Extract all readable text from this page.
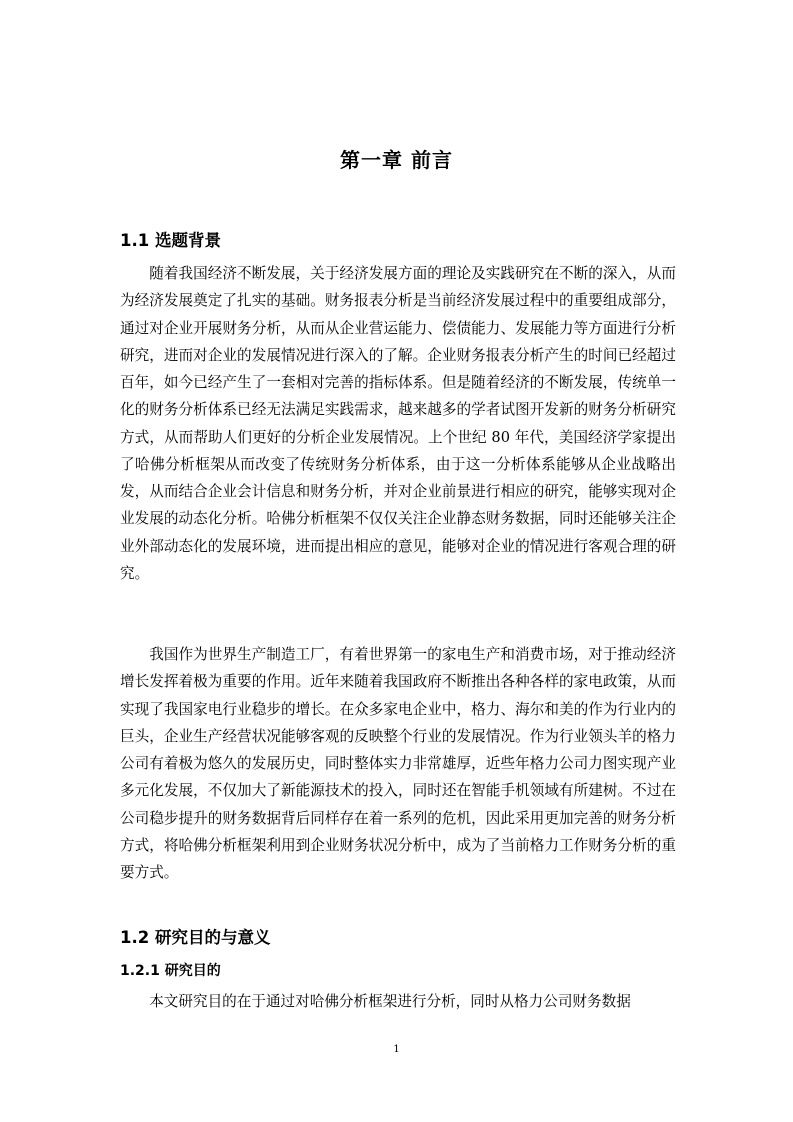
第一章 前言
1.1 选题背景

随着我国经济不断发展，关于经济发展方面的理论及实践研究在不断的深入，从而为经济发展奠定了扎实的基础。财务报表分析是当前经济发展过程中的重要组成部分，通过对企业开展财务分析，从而从企业营运能力、偿债能力、发展能力等方面进行分析研究，进而对企业的发展情况进行深入的了解。企业财务报表分析产生的时间已经超过百年，如今已经产生了一套相对完善的指标体系。但是随着经济的不断发展，传统单一化的财务分析体系已经无法满足实践需求，越来越多的学者试图开发新的财务分析研究方式，从而帮助人们更好的分析企业发展情况。上个世纪 80 年代，美国经济学家提出了哈佛分析框架从而改变了传统财务分析体系，由于这一分析体系能够从企业战略出发，从而结合企业会计信息和财务分析，并对企业前景进行相应的研究，能够实现对企业发展的动态化分析。哈佛分析框架不仅仅关注企业静态财务数据，同时还能够关注企业外部动态化的发展环境，进而提出相应的意见，能够对企业的情况进行客观合理的研究。

我国作为世界生产制造工厂，有着世界第一的家电生产和消费市场，对于推动经济增长发挥着极为重要的作用。近年来随着我国政府不断推出各种各样的家电政策，从而实现了我国家电行业稳步的增长。在众多家电企业中，格力、海尔和美的作为行业内的巨头，企业生产经营状况能够客观的反映整个行业的发展情况。作为行业领头羊的格力公司有着极为悠久的发展历史，同时整体实力非常雄厚，近些年格力公司力图实现产业多元化发展，不仅加大了新能源技术的投入，同时还在智能手机领域有所建树。不过在公司稳步提升的财务数据背后同样存在着一系列的危机，因此采用更加完善的财务分析方式，将哈佛分析框架利用到企业财务状况分析中，成为了当前格力工作财务分析的重要方式。

1.2 研究目的与意义
1.2.1 研究目的

本文研究目的在于通过对哈佛分析框架进行分析，同时从格力公司财务数据

1
